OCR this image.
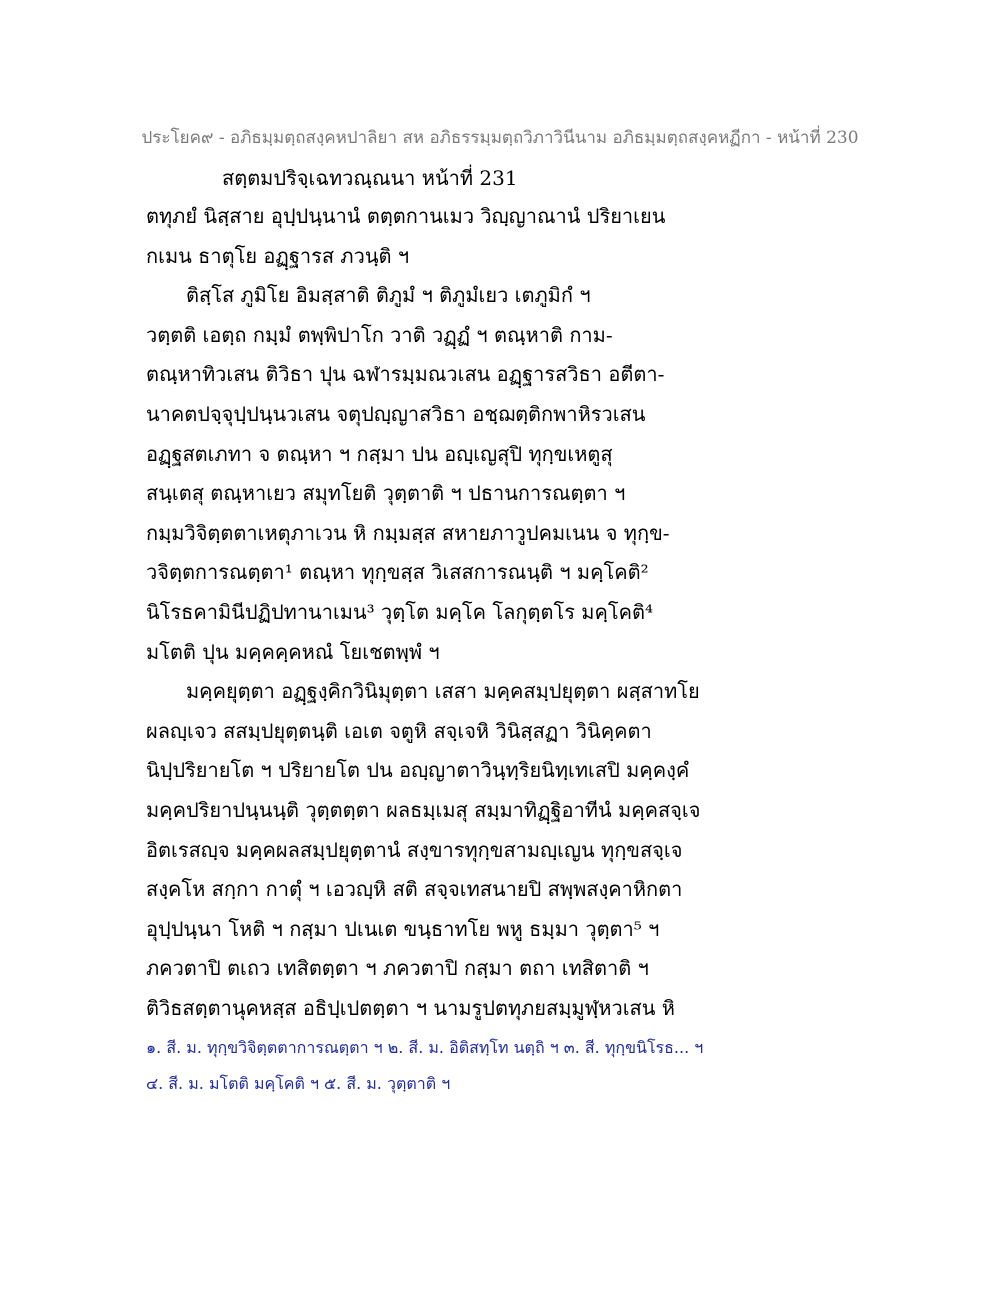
ประโยค๙ - อภิธมฺมตฺถสงฺคหปาลิยา สห อภิธรรมฺมตฺถวิภาวินีนาม อภิธมฺมตฺถสงฺคหฏีกา - หน้าที่ 230
สตฺตมปริจฺเฉทวณฺณนา หน้าที่ 231
ตทุภยํ นิสฺสาย อุปฺปนฺนานํ ตตฺตกานเมว วิญฺญาณานํ ปริยาเยน
กเมน ธาตุโย อฏฺฐารส ภวนฺติ ฯ
ติสฺโส ภูมิโย อิมสฺสาติ ติภูมํ ฯ ติภูมํเยว เตภูมิกํ ฯ
วตฺตติ เอตฺถ กมฺมํ ตพฺพิปาโก วาติ วฏฺฏํ ฯ ตณฺหาติ กาม-
ตณฺหาทิวเสน ติวิธา ปุน ฉฬารมฺมณวเสน อฏฺฐารสวิธา อตีตา-
นาคตปจฺจุปฺปนฺนวเสน จตุปญฺญาสวิธา อชฺฌตฺติกพาหิรวเสน
อฏฺฐสตเภทา จ ตณฺหา ฯ กสฺมา ปน อญฺเญสุปิ ทุกฺขเหตูสุ
สนฺเตสุ ตณฺหาเยว สมุทโยติ วุตฺตาติ ฯ ปธานการณตฺตา ฯ
กมฺมวิจิตฺตตาเหตุภาเวน หิ กมฺมสฺส สหายภาวูปคมเนน จ ทุกฺข-
วจิตฺตการณตฺตา¹ ตณฺหา ทุกฺขสฺส วิเสสการณนฺติ ฯ มคฺโคติ²
นิโรธคามินีปฏิปทานาเมน³ วุตฺโต มคฺโค โลกุตฺตโร มคฺโคติ⁴
มโตติ ปุน มคฺคคฺคหณํ โยเชตพฺพํ ฯ
มคฺคยุตฺตา อฏฺฐงฺคิกวินิมุตฺตา เสสา มคฺคสมฺปยุตฺตา ผสฺสาทโย
ผลญฺเจว สสมฺปยุตฺตนฺติ เอเต จตูหิ สจฺเจหิ วินิสฺสฏา วินิคฺคตา
นิปฺปริยายโต ฯ ปริยายโต ปน อญฺญาตาวินฺทฺริยนิทฺเทเสปิ มคฺคงฺคํ
มคฺคปริยาปนฺนนฺติ วุตฺตตฺตา ผลธมฺเมสุ สมฺมาทิฏฺฐิอาทีนํ มคฺคสจฺเจ
อิตเรสญฺจ มคฺคผลสมฺปยุตฺตานํ สงฺขารทุกฺขสามญฺเญน ทุกฺขสจฺเจ
สงฺคโห สกฺกา กาตุํ ฯ เอวญฺหิ สติ สจฺจเทสนายปิ สพฺพสงฺคาหิกตา
อุปฺปนฺนา โหติ ฯ กสฺมา ปเนเต ขนฺธาทโย พหู ธมฺมา วุตฺตา⁵ ฯ
ภควตาปิ ตเถว เทสิตตฺตา ฯ ภควตาปิ กสฺมา ตถา เทสิตาติ ฯ
ติวิธสตฺตานุคหสฺส อธิปฺเปตตฺตา ฯ นามรูปตทุภยสมฺมูฬฺหวเสน หิ
๑. สี. ม. ทุกฺขวิจิตฺตตาการณตฺตา ฯ ๒. สี. ม. อิติสทฺโท นตฺถิ ฯ ๓. สี. ทุกฺขนิโรธ... ฯ
๔. สี. ม. มโตติ มคฺโคติ ฯ ๕. สี. ม. วุตฺตาติ ฯ
